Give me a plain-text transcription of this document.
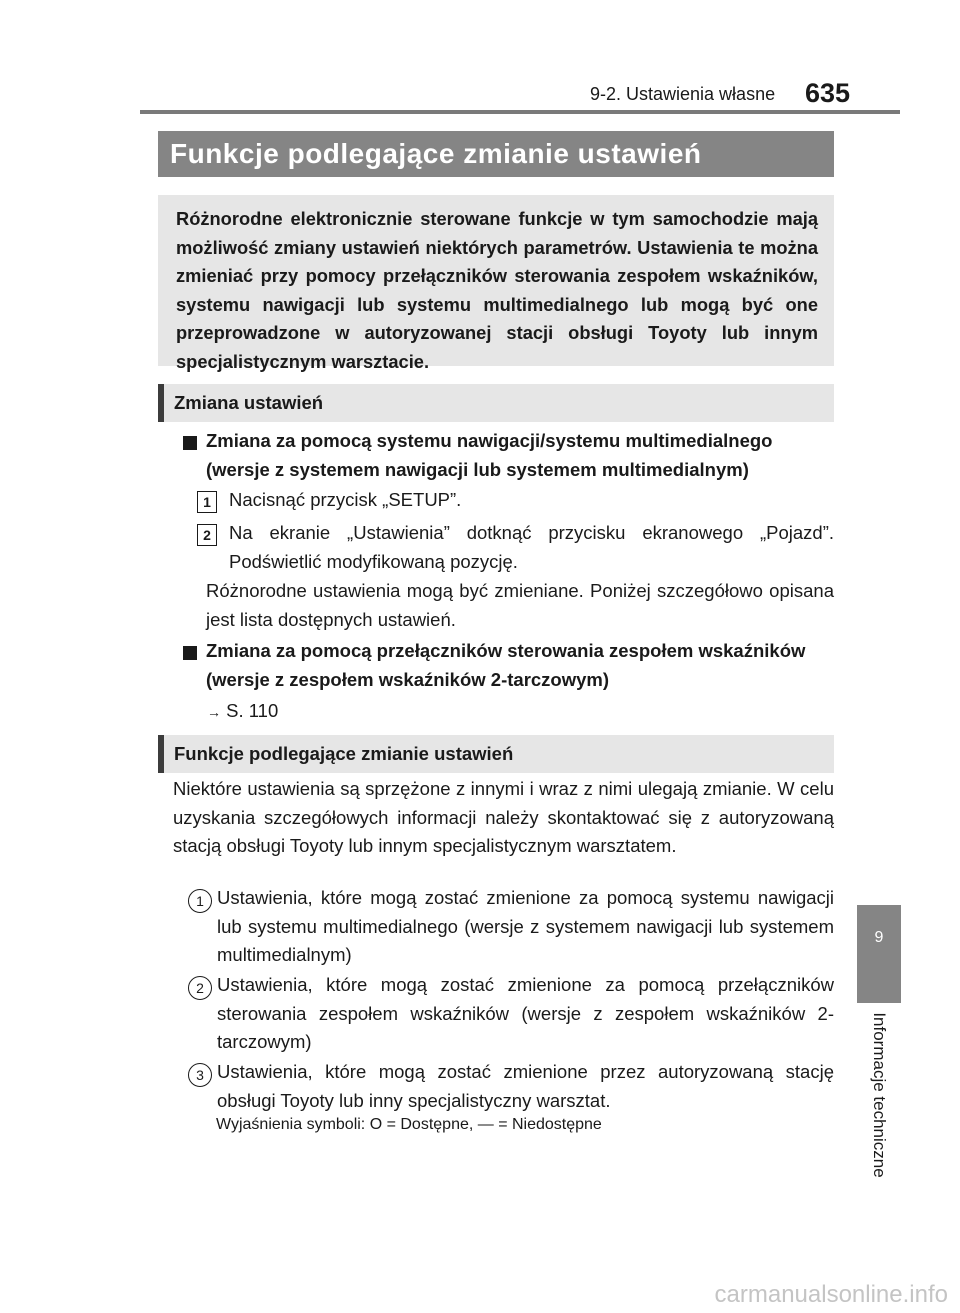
9-2. Ustawienia własne 635
Funkcje podlegające zmianie ustawień

Różnorodne elektronicznie sterowane funkcje w tym samochodzie mają możliwość zmiany ustawień niektórych parametrów. Ustawienia te można zmieniać przy pomocy przełączników sterowania zespołem wskaźników, systemu nawigacji lub systemu multimedialnego lub mogą być one przeprowadzone w autoryzowanej stacji obsługi Toyoty lub innym specjalistycznym warsztacie.

Zmiana ustawień
Zmiana za pomocą systemu nawigacji/systemu multimedialnego (wersje z systemem nawigacji lub systemem multimedialnym)
1 Nacisnąć przycisk „SETUP”.
2 Na ekranie „Ustawienia” dotknąć przycisku ekranowego „Pojazd”. Podświetlić modyfikowaną pozycję.
Różnorodne ustawienia mogą być zmieniane. Poniżej szczegółowo opisana jest lista dostępnych ustawień.
Zmiana za pomocą przełączników sterowania zespołem wskaźników (wersje z zespołem wskaźników 2-tarczowym)
→ S. 110
Funkcje podlegające zmianie ustawień
Niektóre ustawienia są sprzężone z innymi i wraz z nimi ulegają zmianie. W celu uzyskania szczegółowych informacji należy skontaktować się z autoryzowaną stacją obsługi Toyoty lub innym specjalistycznym warsztatem.
1 Ustawienia, które mogą zostać zmienione za pomocą systemu nawigacji lub systemu multimedialnego (wersje z systemem nawigacji lub systemem multimedialnym)
2 Ustawienia, które mogą zostać zmienione za pomocą przełączników sterowania zespołem wskaźników (wersje z zespołem wskaźników 2-tarczowym)
3 Ustawienia, które mogą zostać zmienione przez autoryzowaną stację obsługi Toyoty lub inny specjalistyczny warsztat.
Wyjaśnienia symboli: O = Dostępne, — = Niedostępne
9
Informacje techniczne
carmanualsonline.info
